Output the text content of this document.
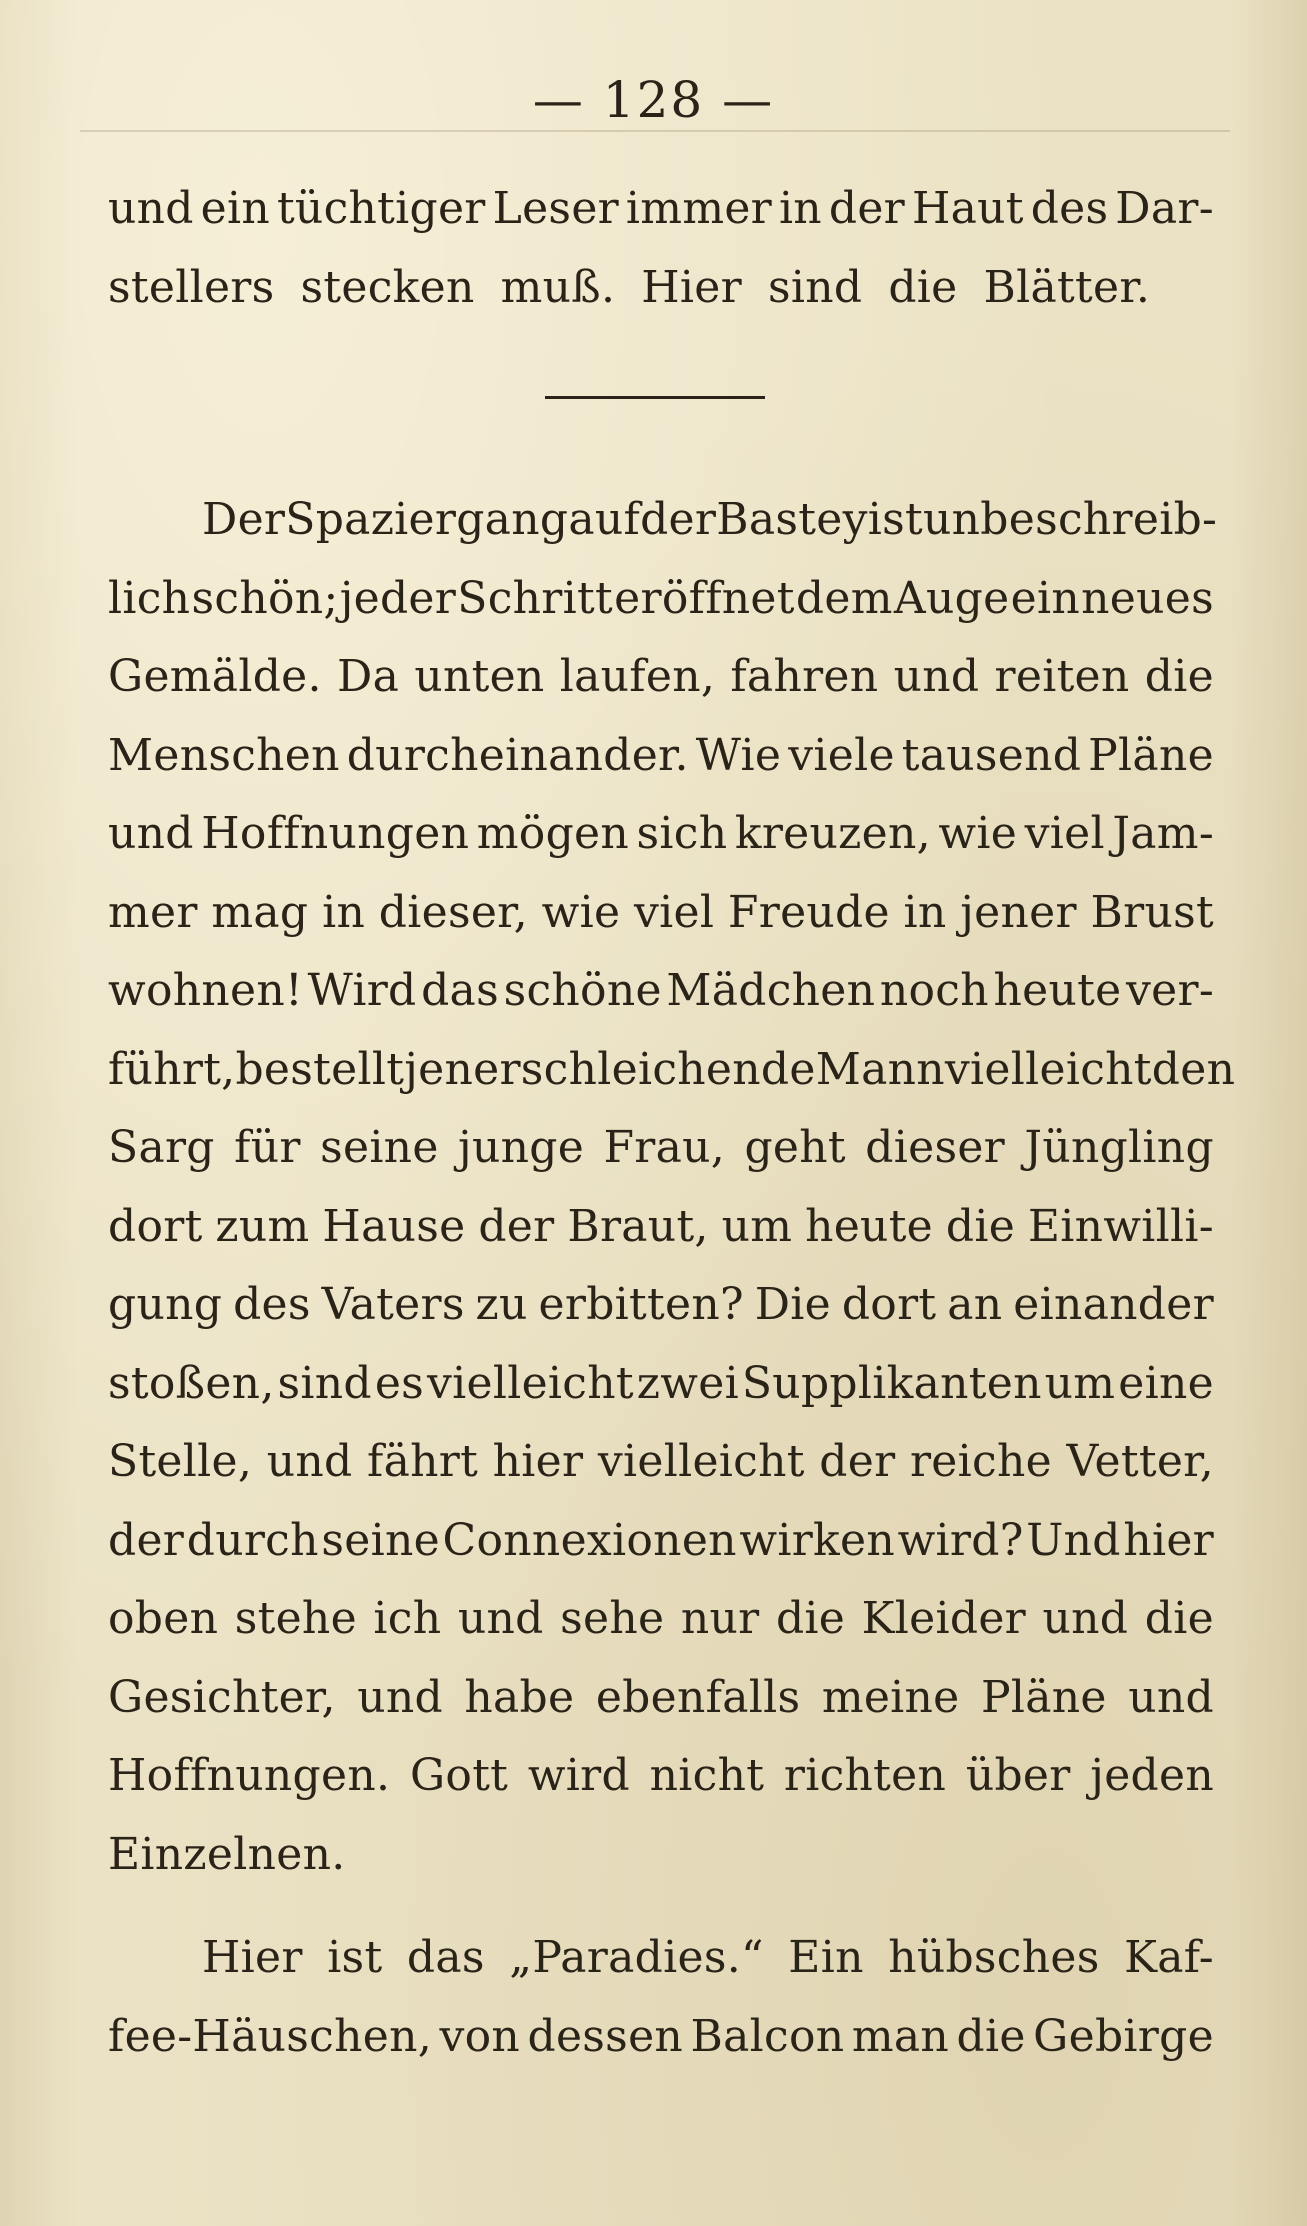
— 128 —
und ein tüchtiger Leser immer in der Haut des Dar-
stellers stecken muß. Hier sind die Blätter.
Der Spaziergang auf der Bastey ist unbeschreib-
lich schön; jeder Schritt eröffnet dem Auge ein neues
Gemälde. Da unten laufen, fahren und reiten die
Menschen durcheinander. Wie viele tausend Pläne
und Hoffnungen mögen sich kreuzen, wie viel Jam-
mer mag in dieser, wie viel Freude in jener Brust
wohnen! Wird das schöne Mädchen noch heute ver-
führt, bestellt jener schleichende Mann vielleicht den
Sarg für seine junge Frau, geht dieser Jüngling
dort zum Hause der Braut, um heute die Einwilli-
gung des Vaters zu erbitten? Die dort an einander
stoßen, sind es vielleicht zwei Supplikanten um eine
Stelle, und fährt hier vielleicht der reiche Vetter,
der durch seine Connexionen wirken wird? Und hier
oben stehe ich und sehe nur die Kleider und die
Gesichter, und habe ebenfalls meine Pläne und
Hoffnungen. Gott wird nicht richten über jeden
Einzelnen.
Hier ist das „Paradies.“ Ein hübsches Kaf-
fee-Häuschen, von dessen Balcon man die Gebirge
